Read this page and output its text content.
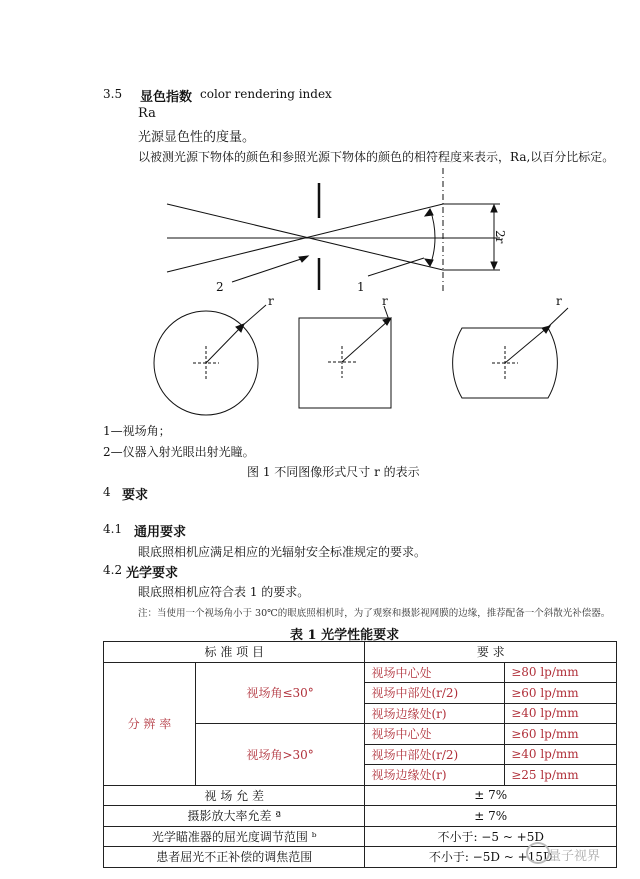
3.5 显色指数 color rendering index
Ra
光源显色性的度量。
以被测光源下物体的颜色和参照光源下物体的颜色的相符程度来表示，Ra,以百分比标定。
2	1
2r
r	r	r
1—视场角；
2—仪器入射光眼出射光瞳。
图 1 不同图像形式尺寸 r 的表示
4 要求
4.1 通用要求
眼底照相机应满足相应的光辐射安全标准规定的要求。
4.2 光学要求
眼底照相机应符合表 1 的要求。
注：当使用一个视场角小于 30℃的眼底照相机时，为了观察和摄影视网膜的边缘，推荐配备一个斜散光补偿器。
表 1 光学性能要求
标 准 项 目		要 求	
分 辨 率	视场角≤30°	视场中心处	≥80 lp/mm
		视场中部处(r/2)	≥60 lp/mm
		视场边缘处(r)	≥40 lp/mm
	视场角>30°	视场中心处	≥60 lp/mm
		视场中部处(r/2)	≥40 lp/mm
		视场边缘处(r)	≥25 lp/mm
视 场 允 差		± 7%	
摄影放大率允差 ª		± 7%	
光学瞄准器的屈光度调节范围 ᵇ		不小于: −5 ~ +5D	
患者屈光不正补偿的调焦范围		不小于: −5D ~ +15D	
量子视界
